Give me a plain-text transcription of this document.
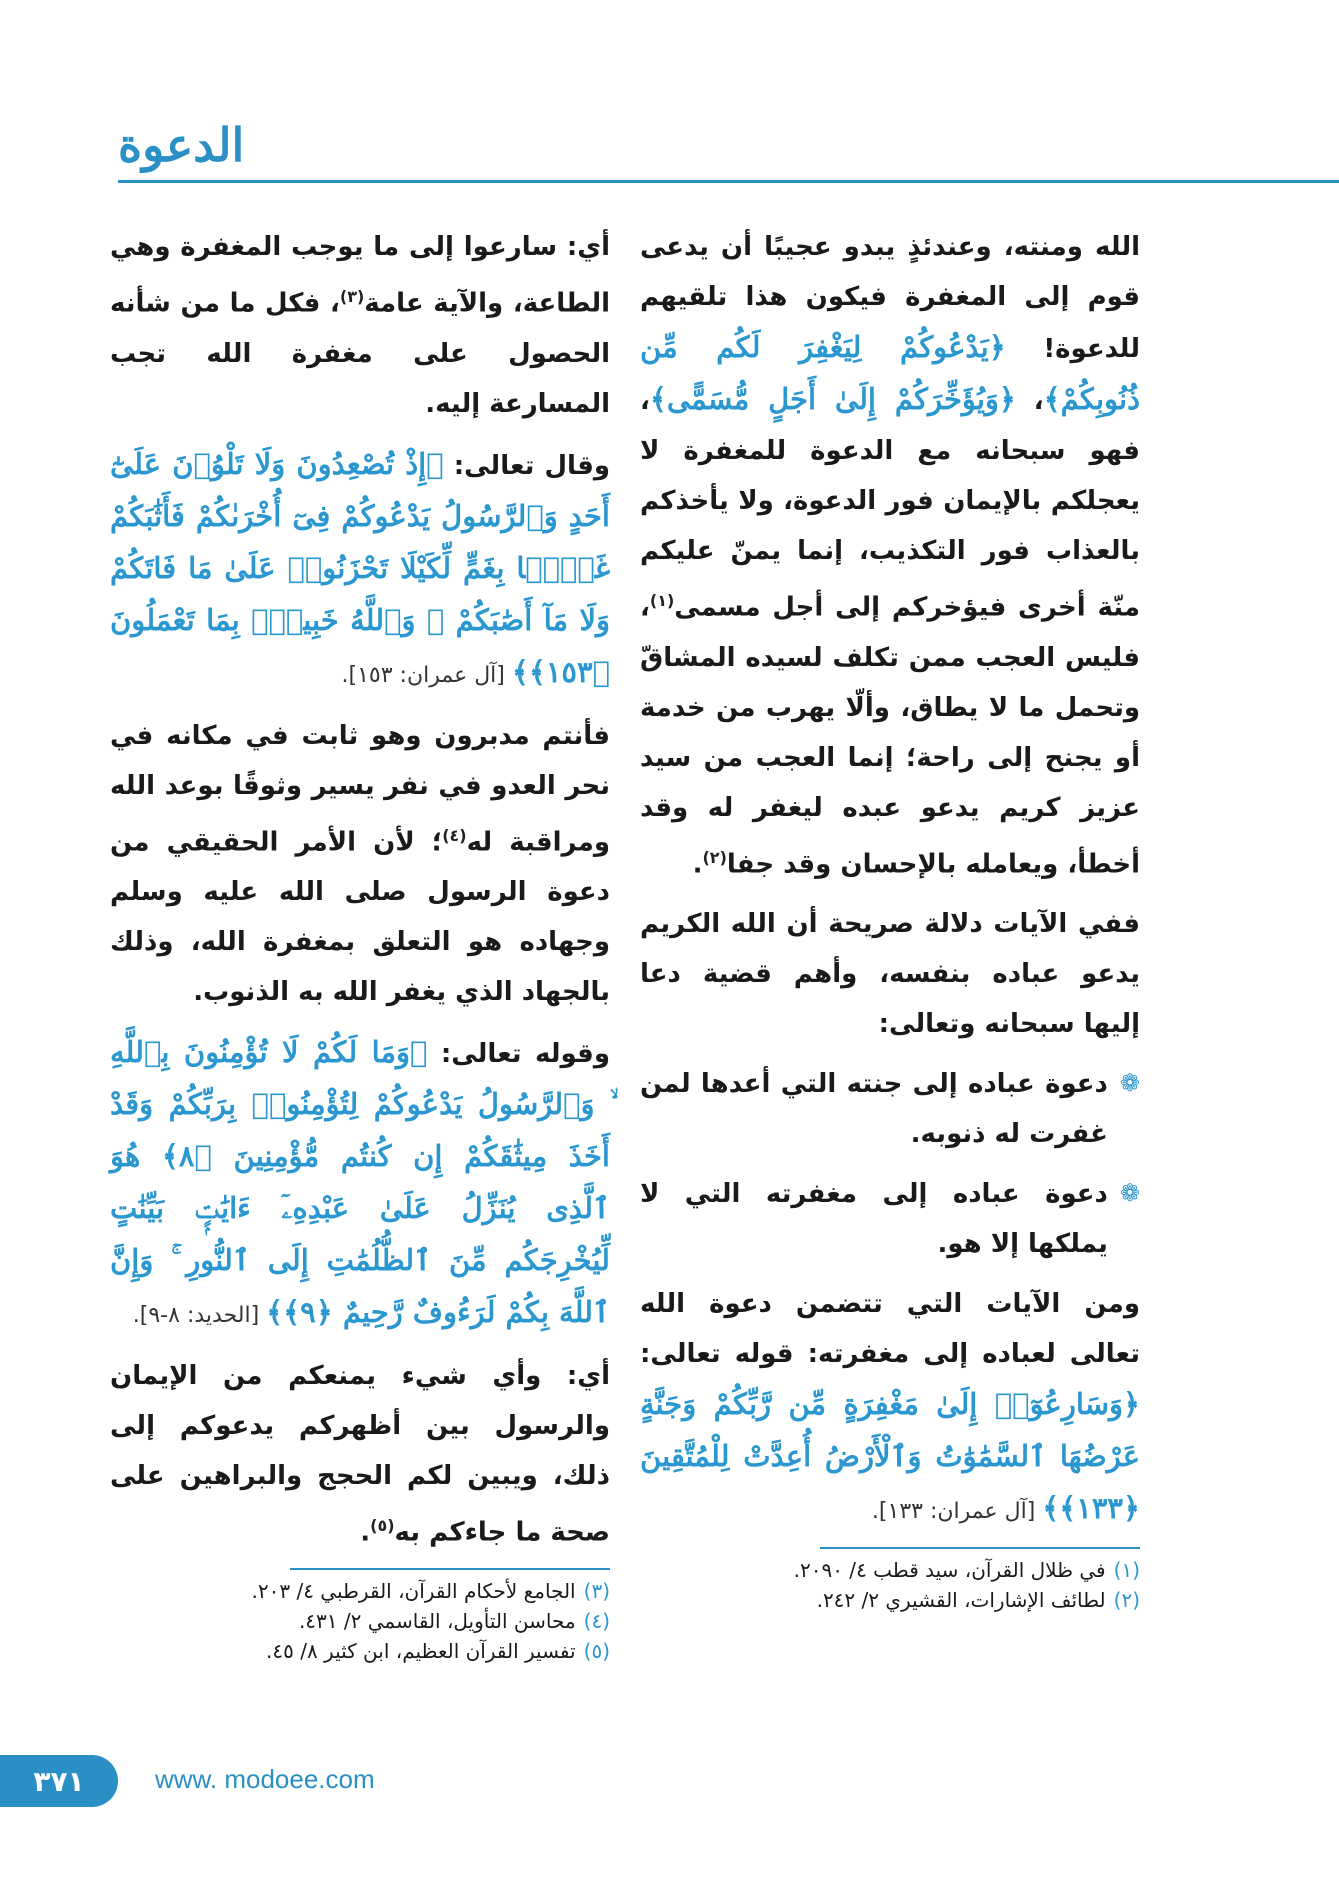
الدعوة

الله ومنته، وعندئذٍ يبدو عجيبًا أن يدعى قوم إلى المغفرة فيكون هذا تلقيهم للدعوة! ﴿يَدْعُوكُمْ لِيَغْفِرَ لَكُم مِّن ذُنُوبِكُمْ﴾، ﴿وَيُؤَخِّرَكُمْ إِلَىٰ أَجَلٍ مُّسَمًّى﴾، فهو سبحانه مع الدعوة للمغفرة لا يعجلكم بالإيمان فور الدعوة، ولا يأخذكم بالعذاب فور التكذيب، إنما يمنّ عليكم منّة أخرى فيؤخركم إلى أجل مسمى$^{(١)}$، فليس العجب ممن تكلف لسيده المشاقّ وتحمل ما لا يطاق، وألّا يهرب من خدمة أو يجنح إلى راحة؛ إنما العجب من سيد عزيز كريم يدعو عبده ليغفر له وقد أخطأ، ويعامله بالإحسان وقد جفا$^{(٢)}$.

ففي الآيات دلالة صريحة أن الله الكريم يدعو عباده بنفسه، وأهم قضية دعا إليها سبحانه وتعالى:

❁

دعوة عباده إلى جنته التي أعدها لمن غفرت له ذنوبه.

❁

دعوة عباده إلى مغفرته التي لا يملكها إلا هو.

ومن الآيات التي تتضمن دعوة الله تعالى لعباده إلى مغفرته: قوله تعالى: ﴿وَسَارِعُوٓا۟ إِلَىٰ مَغْفِرَةٍ مِّن رَّبِّكُمْ وَجَنَّةٍ عَرْضُهَا ٱلسَّمَٰوَٰتُ وَٱلْأَرْضُ أُعِدَّتْ لِلْمُتَّقِينَ ﴿١٣٣﴾﴾ [آل عمران: ١٣٣].

(١)في ظلال القرآن، سيد قطب ٤/ ٢٠٩٠.

(٢)لطائف الإشارات، القشيري ٢/ ٢٤٢.

أي: سارعوا إلى ما يوجب المغفرة وهي الطاعة، والآية عامة$^{(٣)}$، فكل ما من شأنه الحصول على مغفرة الله تجب المسارعة إليه.

وقال تعالى: ﴿إِذْ تُصْعِدُونَ وَلَا تَلْوُۥنَ عَلَىٰٓ أَحَدٍ وَٱلرَّسُولُ يَدْعُوكُمْ فِىٓ أُخْرَىٰكُمْ فَأَثَٰبَكُمْ غَمًّۢا بِغَمٍّ لِّكَيْلَا تَحْزَنُوا۟ عَلَىٰ مَا فَاتَكُمْ وَلَا مَآ أَصَٰبَكُمْ ۗ وَٱللَّهُ خَبِيرٌۢ بِمَا تَعْمَلُونَ ﴿١٥٣﴾﴾ [آل عمران: ١٥٣].

فأنتم مدبرون وهو ثابت في مكانه في نحر العدو في نفر يسير وثوقًا بوعد الله ومراقبة له$^{(٤)}$؛ لأن الأمر الحقيقي من دعوة الرسول صلى الله عليه وسلم وجهاده هو التعلق بمغفرة الله، وذلك بالجهاد الذي يغفر الله به الذنوب.

وقوله تعالى: ﴿وَمَا لَكُمْ لَا تُؤْمِنُونَ بِٱللَّهِ ۙ وَٱلرَّسُولُ يَدْعُوكُمْ لِتُؤْمِنُوا۟ بِرَبِّكُمْ وَقَدْ أَخَذَ مِيثَٰقَكُمْ إِن كُنتُم مُّؤْمِنِينَ ﴿٨﴾ هُوَ ٱلَّذِى يُنَزِّلُ عَلَىٰ عَبْدِهِۦٓ ءَايَٰتٍۭ بَيِّنَٰتٍ لِّيُخْرِجَكُم مِّنَ ٱلظُّلُمَٰتِ إِلَى ٱلنُّورِ ۚ وَإِنَّ ٱللَّهَ بِكُمْ لَرَءُوفٌ رَّحِيمٌ ﴿٩﴾﴾ [الحديد: ٨-٩].

أي: وأي شيء يمنعكم من الإيمان والرسول بين أظهركم يدعوكم إلى ذلك، ويبين لكم الحجج والبراهين على صحة ما جاءكم به$^{(٥)}$.

(٣)الجامع لأحكام القرآن، القرطبي ٤/ ٢٠٣.

(٤)محاسن التأويل، القاسمي ٢/ ٤٣١.

(٥)تفسير القرآن العظيم، ابن كثير ٨/ ٤٥.

٣٧١	www. modoee.com
